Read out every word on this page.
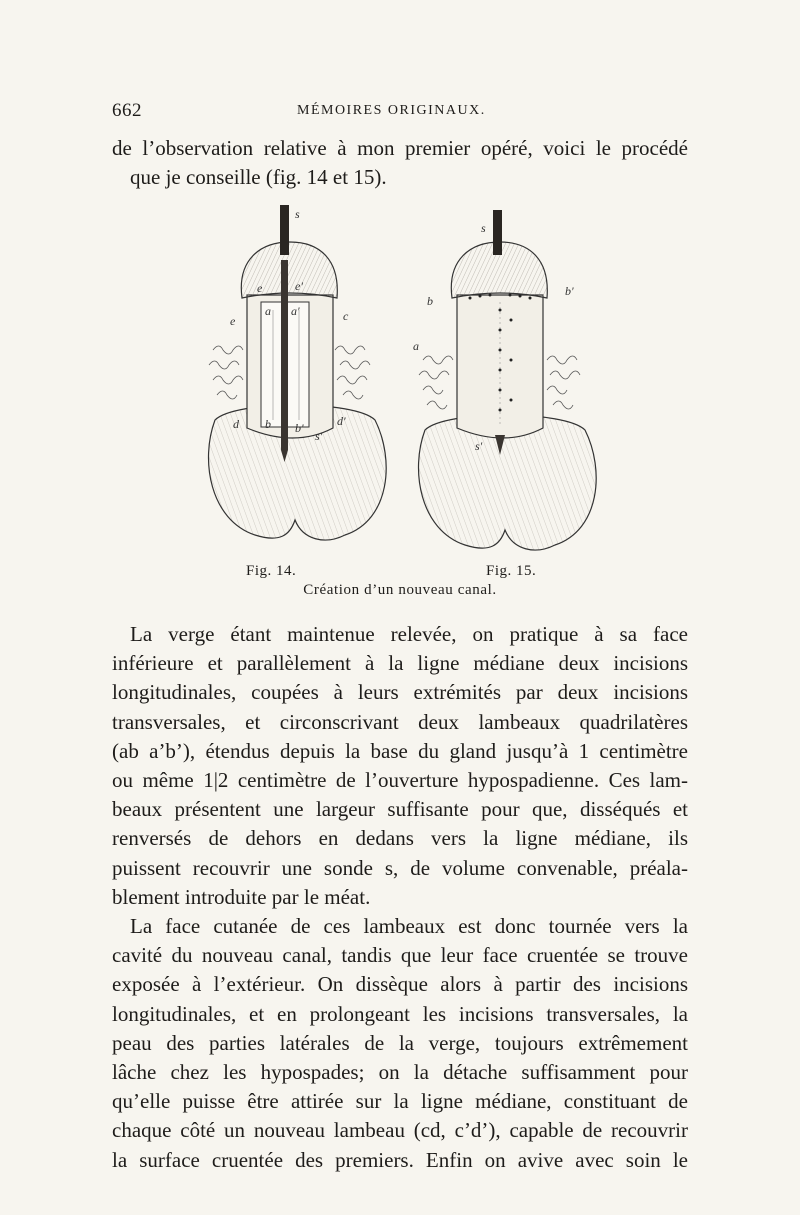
662	MÉMOIRES ORIGINAUX.
de l’observation relative à mon premier opéré, voici le procédé
que je conseille (fig. 14 et 15).
s
e	e'
e
a a'	c
d	d'
b b'
s'
s
b
b'
a
s'
Fig. 14.	Fig. 15.
Création d’un nouveau canal.
La verge étant maintenue relevée, on pratique à sa face
inférieure et parallèlement à la ligne médiane deux incisions
longitudinales, coupées à leurs extrémités par deux incisions
transversales, et circonscrivant deux lambeaux quadrilatères
(ab a’b’), étendus depuis la base du gland jusqu’à 1 centimètre
ou même 1|2 centimètre de l’ouverture hypospadienne. Ces lam-
beaux présentent une largeur suffisante pour que, disséqués et
renversés de dehors en dedans vers la ligne médiane, ils
puissent recouvrir une sonde s, de volume convenable, préala-
blement introduite par le méat.
La face cutanée de ces lambeaux est donc tournée vers la
cavité du nouveau canal, tandis que leur face cruentée se trouve
exposée à l’extérieur. On dissèque alors à partir des incisions
longitudinales, et en prolongeant les incisions transversales, la
peau des parties latérales de la verge, toujours extrêmement
lâche chez les hypospades; on la détache suffisamment pour
qu’elle puisse être attirée sur la ligne médiane, constituant de
chaque côté un nouveau lambeau (cd, c’d’), capable de recouvrir
la surface cruentée des premiers. Enfin on avive avec soin le
